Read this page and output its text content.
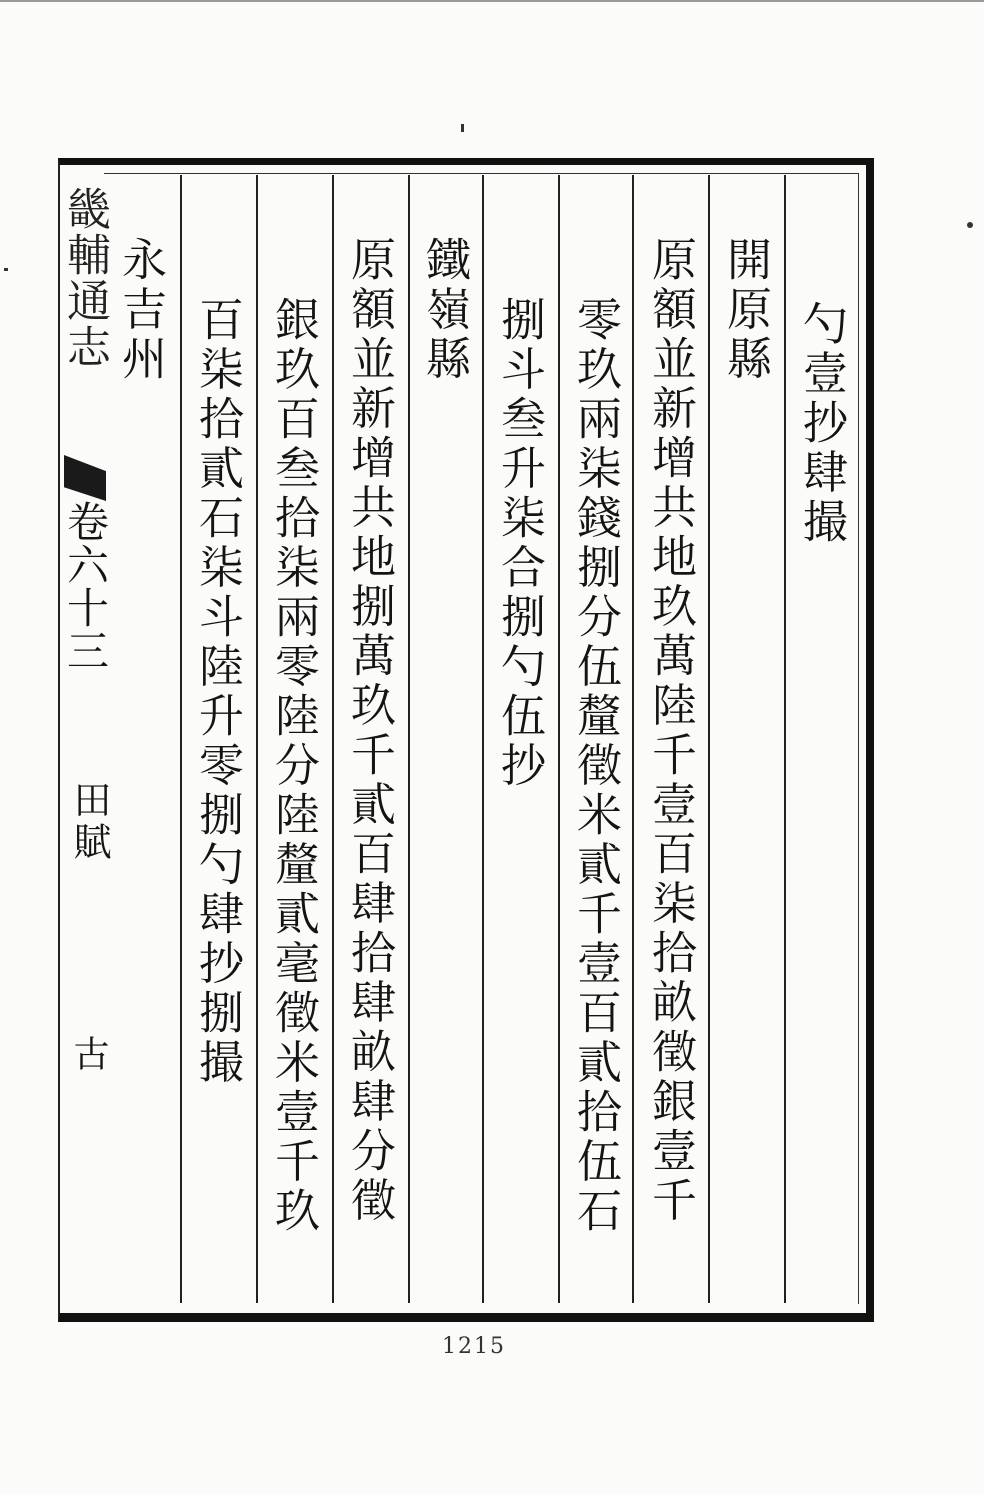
畿輔通志
卷六十三
田賦
古
勺壹抄肆撮
開原縣
原額並新增共地玖萬陸千壹百柒拾畝徵銀壹千
零玖兩柒錢捌分伍釐徵米貳千壹百貳拾伍石
捌斗叁升柒合捌勺伍抄
鐵嶺縣
原額並新增共地捌萬玖千貳百肆拾肆畝肆分徵
銀玖百叁拾柒兩零陸分陸釐貳毫徵米壹千玖
百柒拾貳石柒斗陸升零捌勺肆抄捌撮
永吉州
1215
